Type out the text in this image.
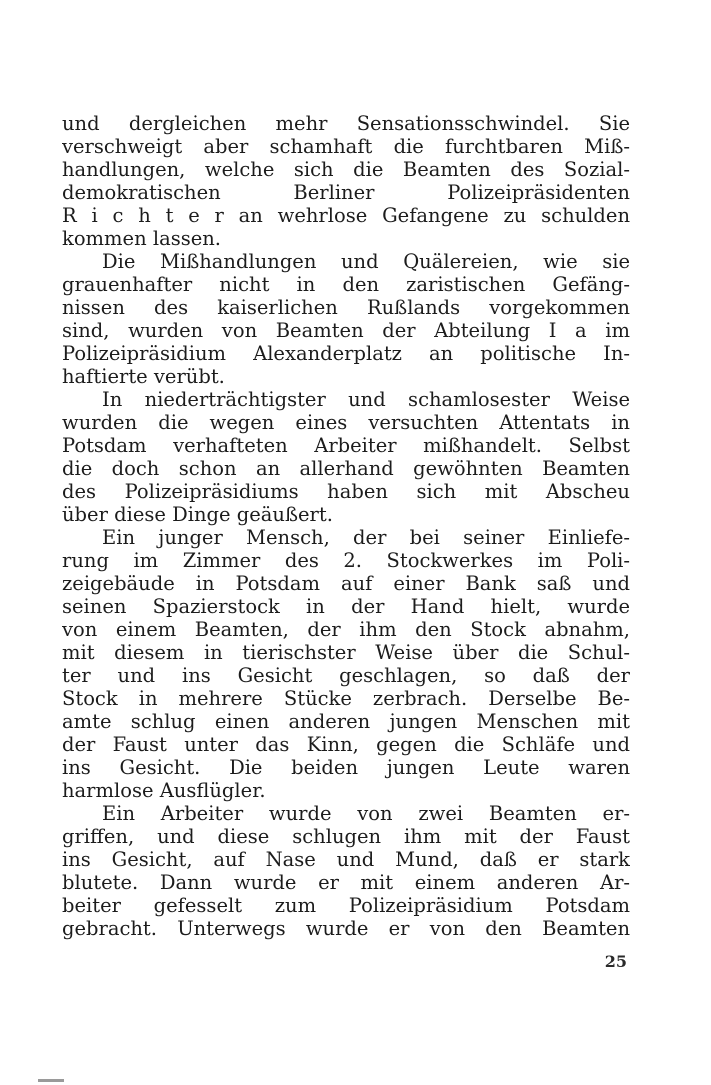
und dergleichen mehr Sensationsschwindel. Sie
verschweigt aber schamhaft die furchtbaren Miß-
handlungen, welche sich die Beamten des Sozial-
demokratischen Berliner Polizeipräsidenten
R i c h t e r an wehrlose Gefangene zu schulden
kommen lassen.
Die Mißhandlungen und Quälereien, wie sie
grauenhafter nicht in den zaristischen Gefäng-
nissen des kaiserlichen Rußlands vorgekommen
sind, wurden von Beamten der Abteilung I a im
Polizeipräsidium Alexanderplatz an politische In-
haftierte verübt.
In niederträchtigster und schamlosester Weise
wurden die wegen eines versuchten Attentats in
Potsdam verhafteten Arbeiter mißhandelt. Selbst
die doch schon an allerhand gewöhnten Beamten
des Polizeipräsidiums haben sich mit Abscheu
über diese Dinge geäußert.
Ein junger Mensch, der bei seiner Einliefe-
rung im Zimmer des 2. Stockwerkes im Poli-
zeigebäude in Potsdam auf einer Bank saß und
seinen Spazierstock in der Hand hielt, wurde
von einem Beamten, der ihm den Stock abnahm,
mit diesem in tierischster Weise über die Schul-
ter und ins Gesicht geschlagen, so daß der
Stock in mehrere Stücke zerbrach. Derselbe Be-
amte schlug einen anderen jungen Menschen mit
der Faust unter das Kinn, gegen die Schläfe und
ins Gesicht. Die beiden jungen Leute waren
harmlose Ausflügler.
Ein Arbeiter wurde von zwei Beamten er-
griffen, und diese schlugen ihm mit der Faust
ins Gesicht, auf Nase und Mund, daß er stark
blutete. Dann wurde er mit einem anderen Ar-
beiter gefesselt zum Polizeipräsidium Potsdam
gebracht. Unterwegs wurde er von den Beamten
25
